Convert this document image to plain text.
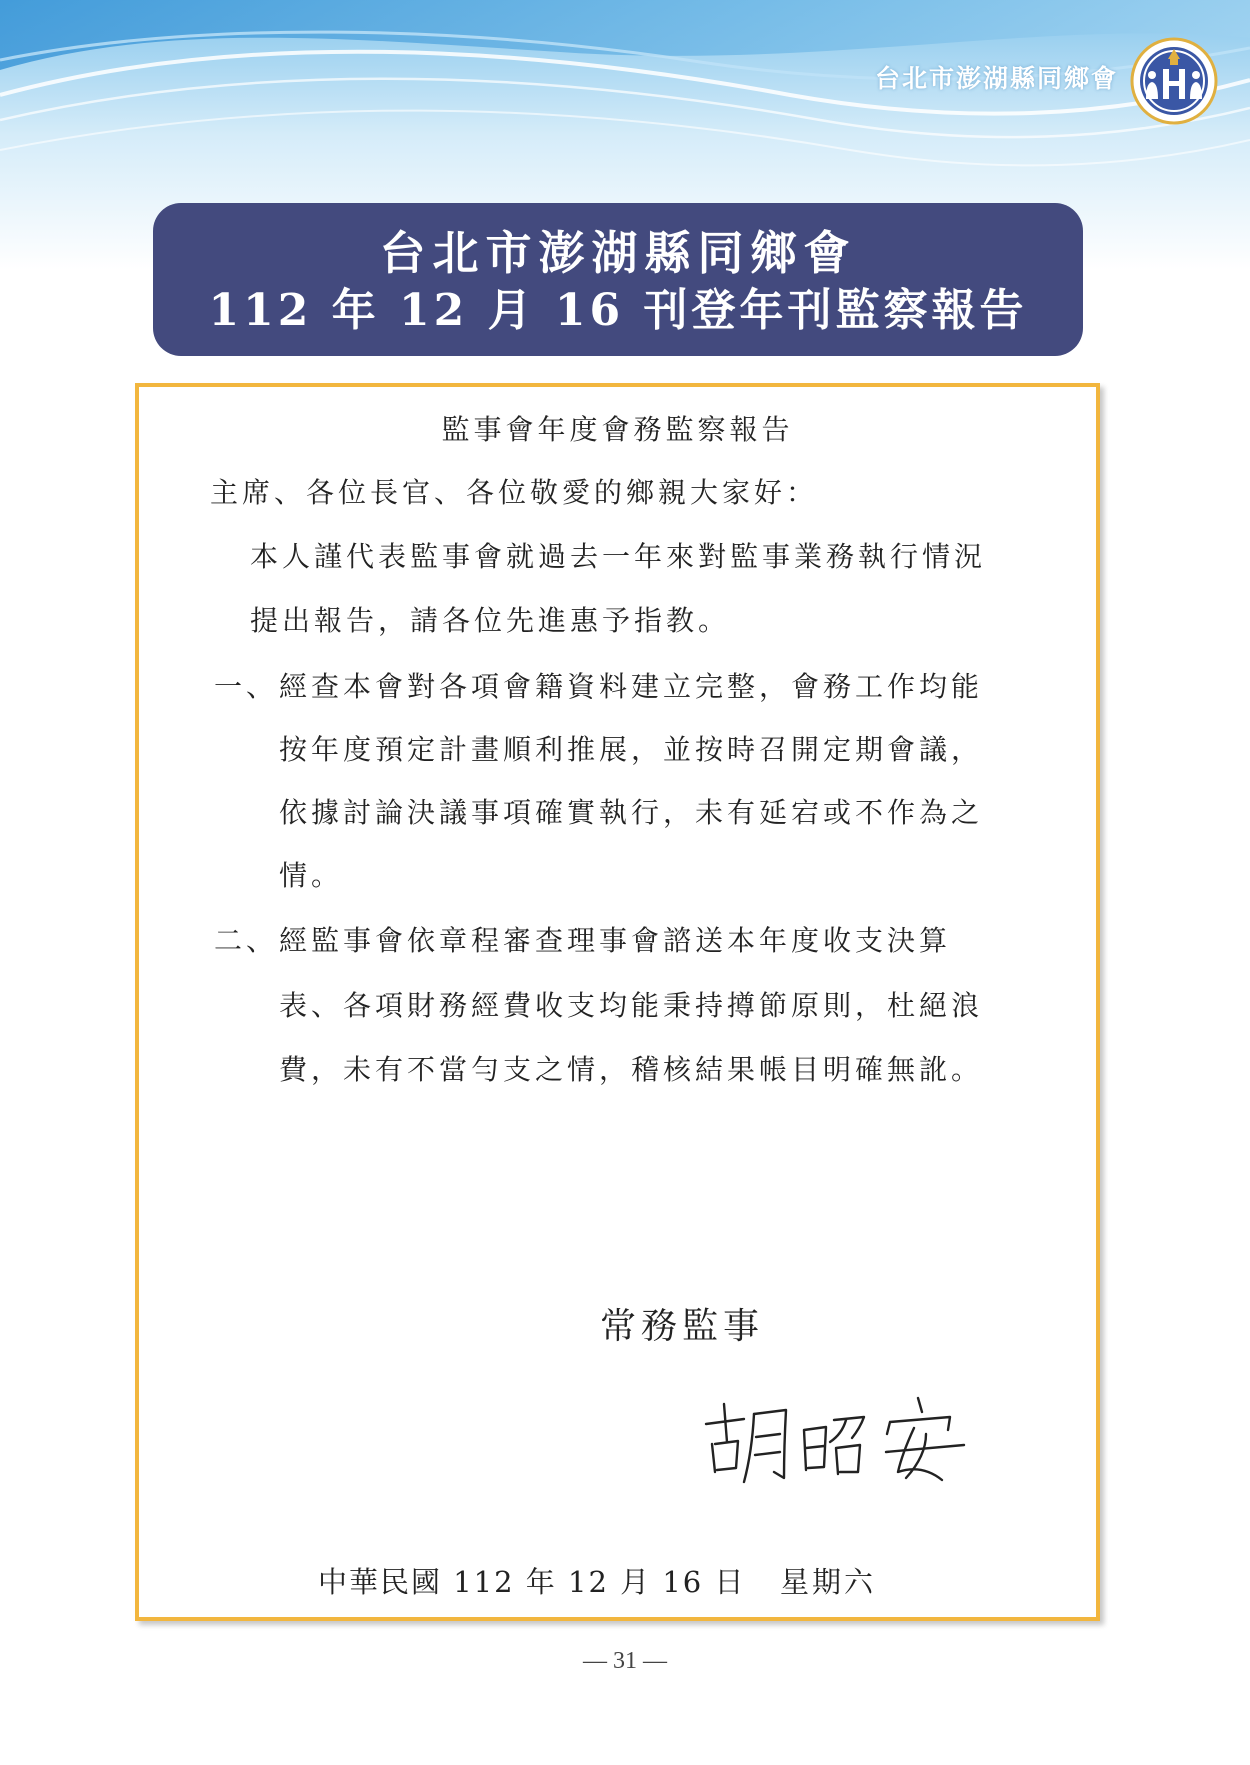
台北市澎湖縣同鄉會
台北市澎湖縣同鄉會
112 年 12 月 16 刊登年刊監察報告
監事會年度會務監察報告
主席、各位長官、各位敬愛的鄉親大家好：
本人謹代表監事會就過去一年來對監事業務執行情況
提出報告，請各位先進惠予指教。
一、 經查本會對各項會籍資料建立完整，會務工作均能
按年度預定計畫順利推展，並按時召開定期會議，
依據討論決議事項確實執行，未有延宕或不作為之
情。
二、 經監事會依章程審查理事會諮送本年度收支決算
表、各項財務經費收支均能秉持撙節原則，杜絕浪
費，未有不當勻支之情，稽核結果帳目明確無訛。
常務監事
中華民國 112 年 12 月 16 日 星期六
— 31 —
